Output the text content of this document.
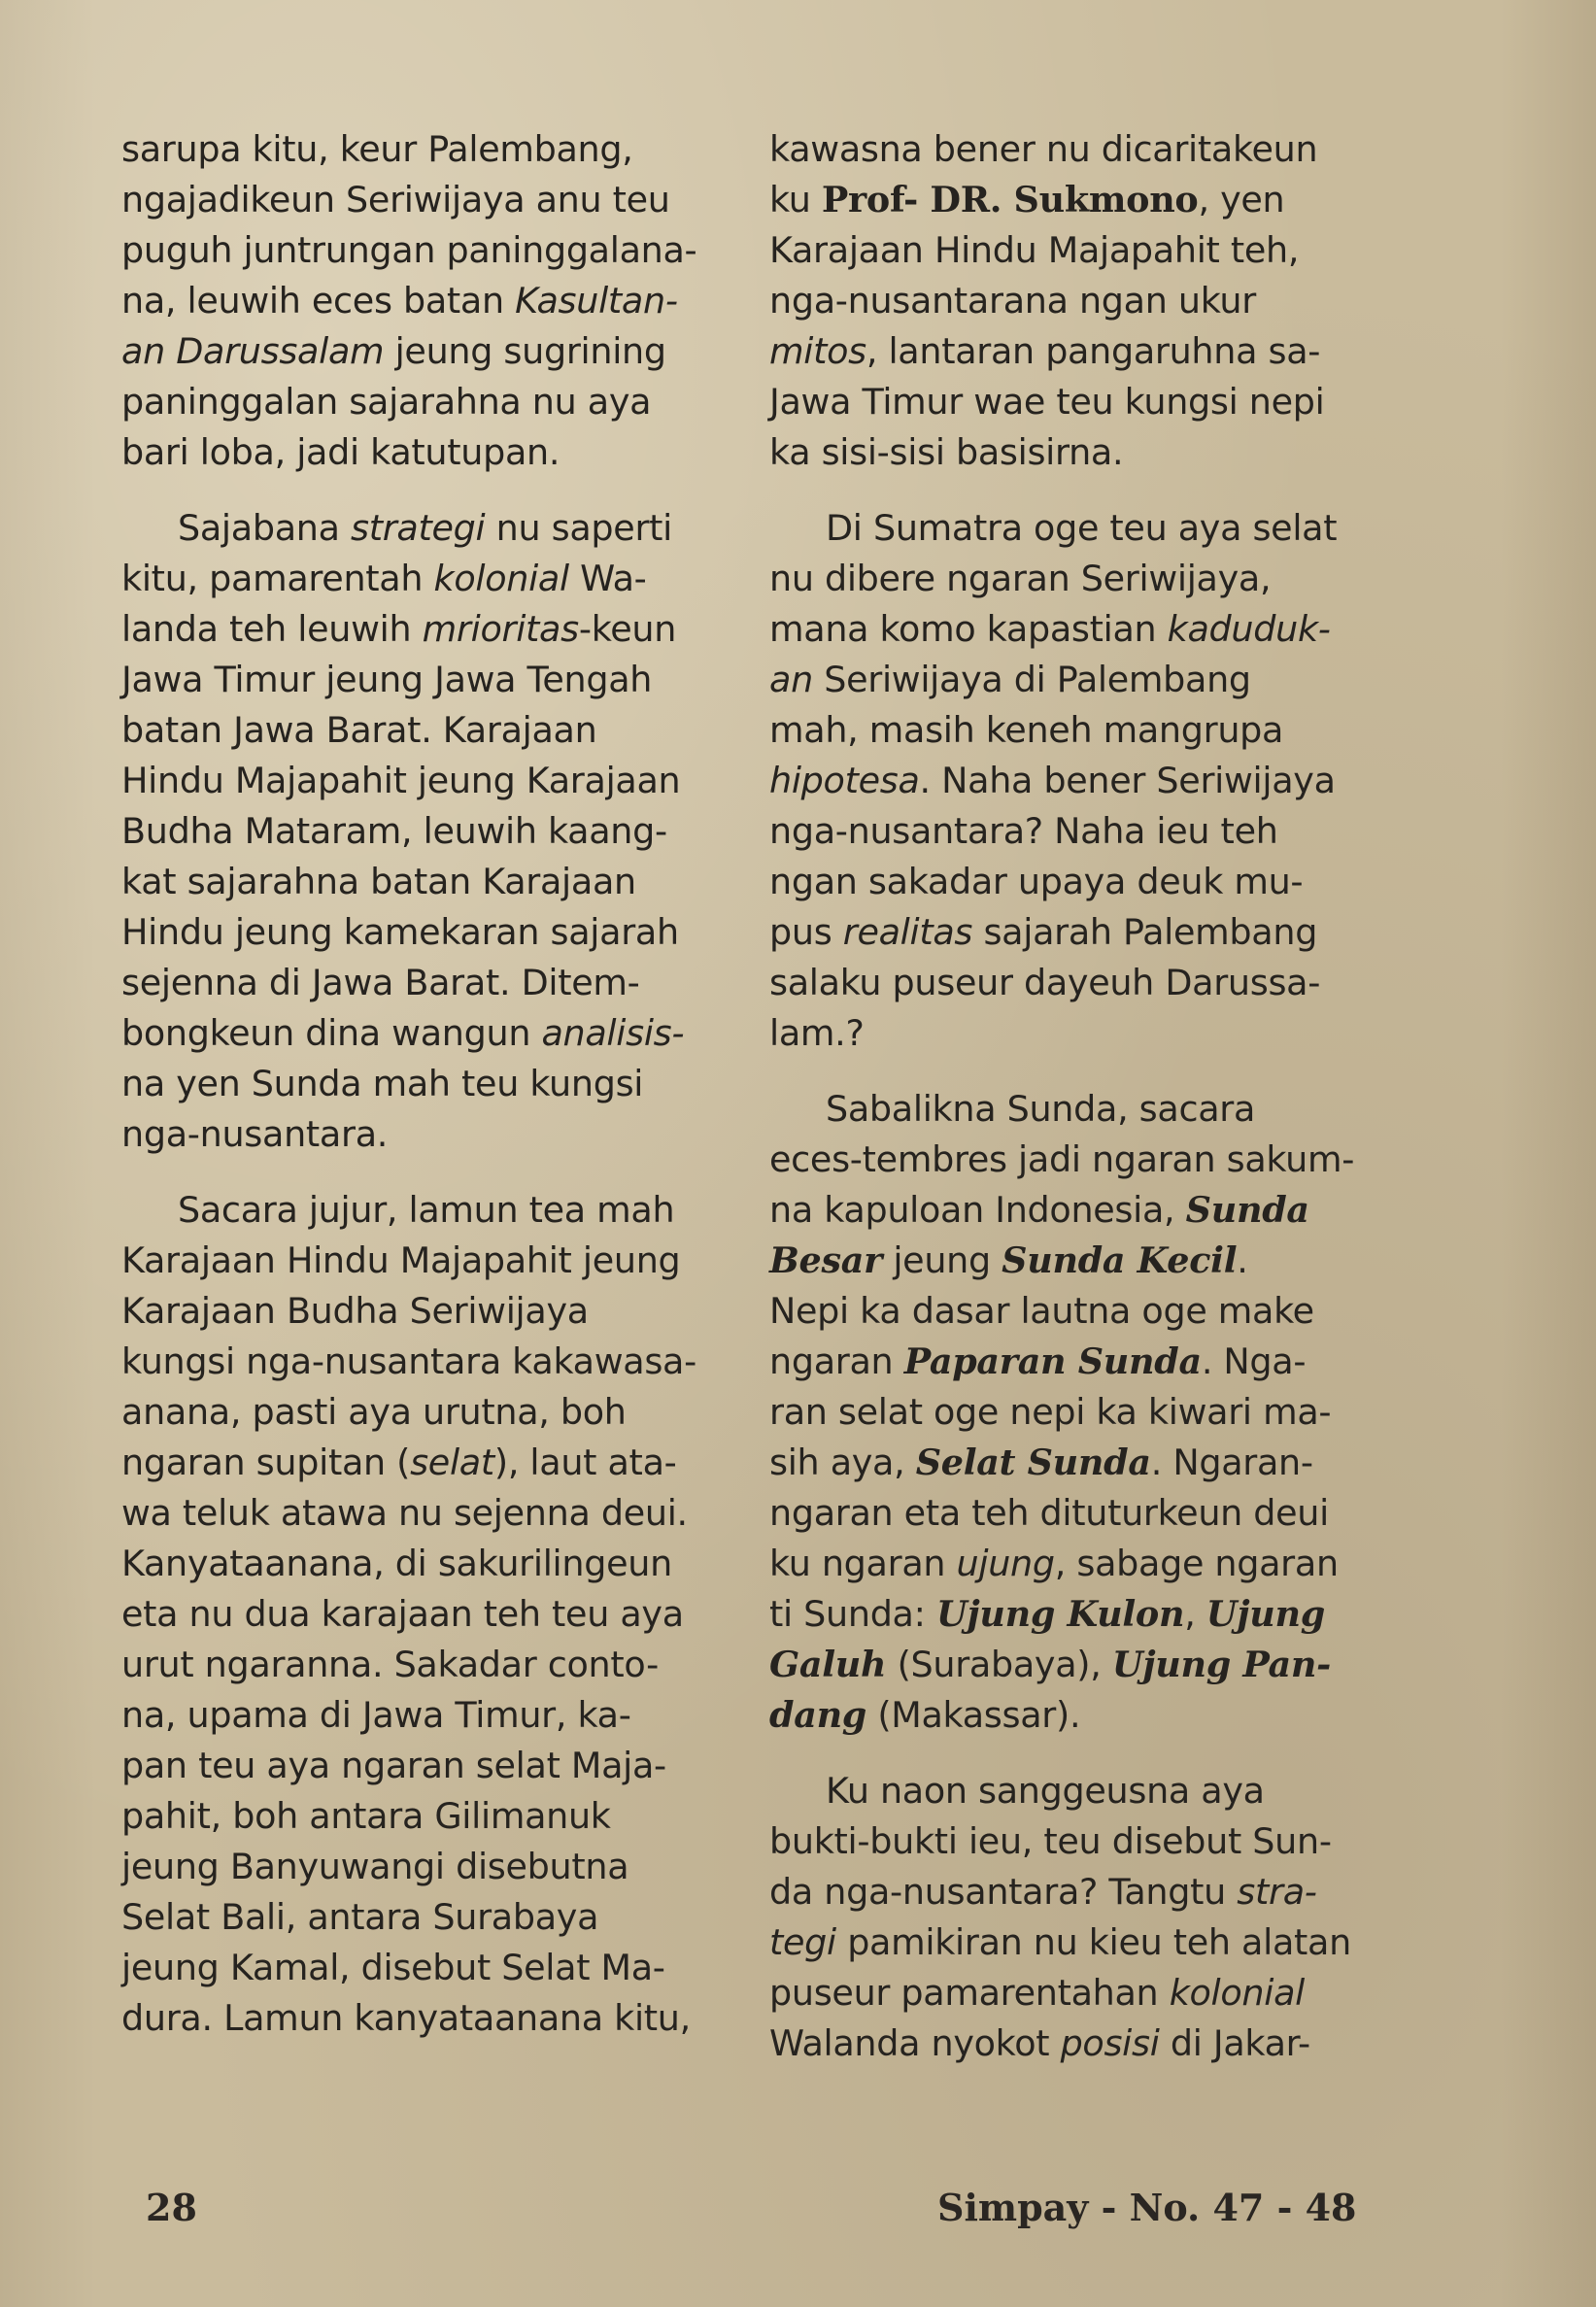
sarupa kitu, keur Palembang,
ngajadikeun Seriwijaya anu teu
puguh juntrungan paninggalana-
na, leuwih eces batan Kasultan-
an Darussalam jeung sugrining
paninggalan sajarahna nu aya
bari loba, jadi katutupan.

Sajabana strategi nu saperti
kitu, pamarentah kolonial Wa-
landa teh leuwih mrioritas-keun
Jawa Timur jeung Jawa Tengah
batan Jawa Barat. Karajaan
Hindu Majapahit jeung Karajaan
Budha Mataram, leuwih kaang-
kat sajarahna batan Karajaan
Hindu jeung kamekaran sajarah
sejenna di Jawa Barat. Ditem-
bongkeun dina wangun analisis-
na yen Sunda mah teu kungsi
nga-nusantara.

Sacara jujur, lamun tea mah
Karajaan Hindu Majapahit jeung
Karajaan Budha Seriwijaya
kungsi nga-nusantara kakawasa-
anana, pasti aya urutna, boh
ngaran supitan (selat), laut ata-
wa teluk atawa nu sejenna deui.
Kanyataanana, di sakurilingeun
eta nu dua karajaan teh teu aya
urut ngaranna. Sakadar conto-
na, upama di Jawa Timur, ka-
pan teu aya ngaran selat Maja-
pahit, boh antara Gilimanuk
jeung Banyuwangi disebutna
Selat Bali, antara Surabaya
jeung Kamal, disebut Selat Ma-
dura. Lamun kanyataanana kitu,

kawasna bener nu dicaritakeun
ku Prof- DR. Sukmono, yen
Karajaan Hindu Majapahit teh,
nga-nusantarana ngan ukur
mitos, lantaran pangaruhna sa-
Jawa Timur wae teu kungsi nepi
ka sisi-sisi basisirna.

Di Sumatra oge teu aya selat
nu dibere ngaran Seriwijaya,
mana komo kapastian kaduduk-
an Seriwijaya di Palembang
mah, masih keneh mangrupa
hipotesa. Naha bener Seriwijaya
nga-nusantara? Naha ieu teh
ngan sakadar upaya deuk mu-
pus realitas sajarah Palembang
salaku puseur dayeuh Darussa-
lam.?

Sabalikna Sunda, sacara
eces-tembres jadi ngaran sakum-
na kapuloan Indonesia, Sunda
Besar jeung Sunda Kecil.
Nepi ka dasar lautna oge make
ngaran Paparan Sunda. Nga-
ran selat oge nepi ka kiwari ma-
sih aya, Selat Sunda. Ngaran-
ngaran eta teh dituturkeun deui
ku ngaran ujung, sabage ngaran
ti Sunda: Ujung Kulon, Ujung
Galuh (Surabaya), Ujung Pan-
dang (Makassar).

Ku naon sanggeusna aya
bukti-bukti ieu, teu disebut Sun-
da nga-nusantara? Tangtu stra-
tegi pamikiran nu kieu teh alatan
puseur pamarentahan kolonial
Walanda nyokot posisi di Jakar-

28	Simpay - No. 47 - 48
